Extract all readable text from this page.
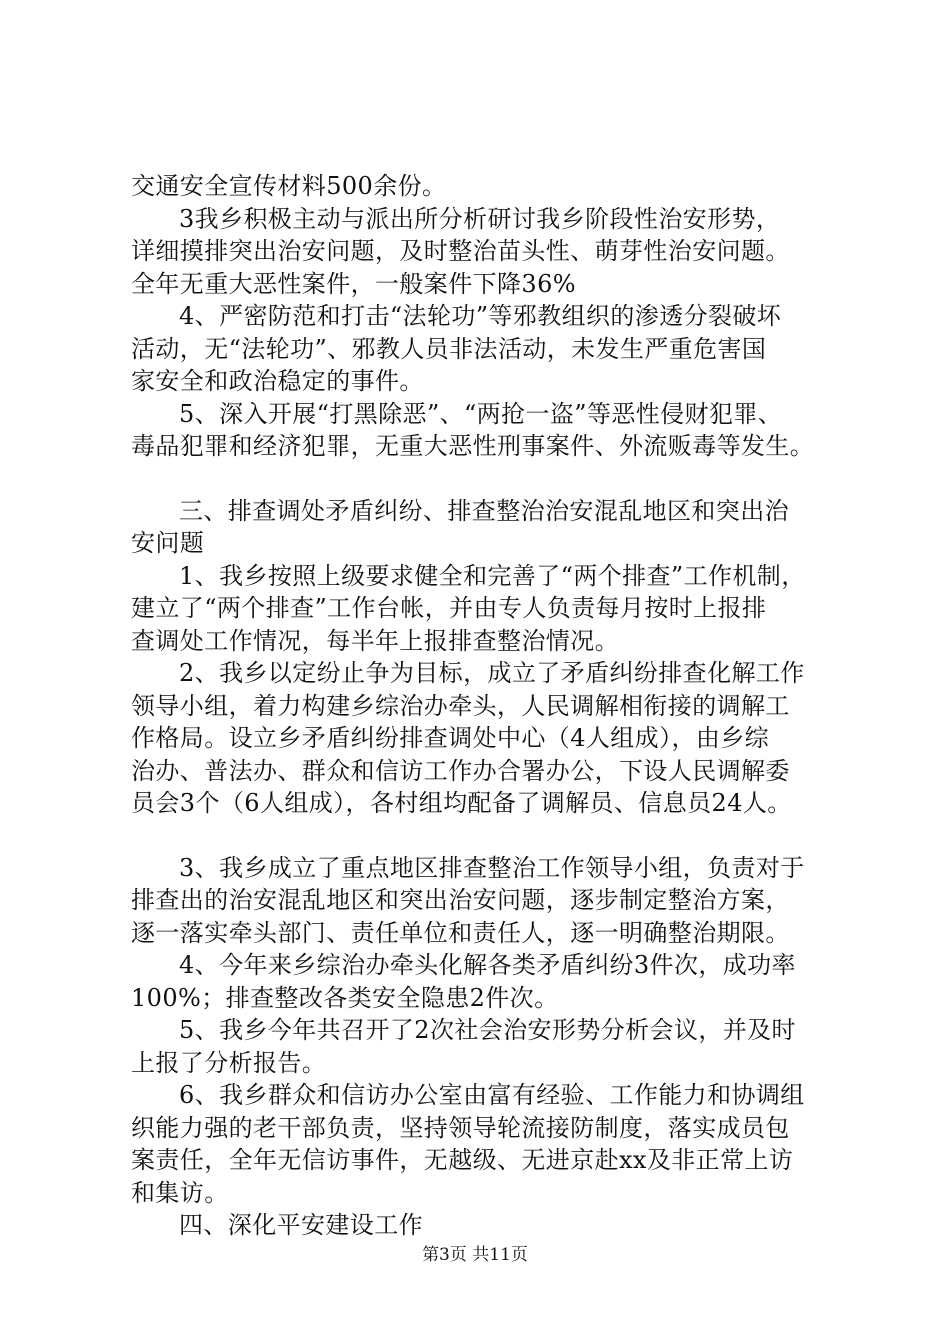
交通安全宣传材料500余份。
3我乡积极主动与派出所分析研讨我乡阶段性治安形势，
详细摸排突出治安问题，及时整治苗头性、萌芽性治安问题。
全年无重大恶性案件，一般案件下降36%
4、严密防范和打击“法轮功”等邪教组织的渗透分裂破坏
活动，无“法轮功”、邪教人员非法活动，未发生严重危害国
家安全和政治稳定的事件。
5、深入开展“打黑除恶”、“两抢一盗”等恶性侵财犯罪、
毒品犯罪和经济犯罪，无重大恶性刑事案件、外流贩毒等发生。
三、排查调处矛盾纠纷、排查整治治安混乱地区和突出治
安问题
1、我乡按照上级要求健全和完善了“两个排查”工作机制，
建立了“两个排查”工作台帐，并由专人负责每月按时上报排
查调处工作情况，每半年上报排查整治情况。
2、我乡以定纷止争为目标，成立了矛盾纠纷排查化解工作
领导小组，着力构建乡综治办牵头，人民调解相衔接的调解工
作格局。设立乡矛盾纠纷排查调处中心（4人组成），由乡综
治办、普法办、群众和信访工作办合署办公，下设人民调解委
员会3个（6人组成），各村组均配备了调解员、信息员24人。
3、我乡成立了重点地区排查整治工作领导小组，负责对于
排查出的治安混乱地区和突出治安问题，逐步制定整治方案，
逐一落实牵头部门、责任单位和责任人，逐一明确整治期限。
4、今年来乡综治办牵头化解各类矛盾纠纷3件次，成功率
100%；排查整改各类安全隐患2件次。
5、我乡今年共召开了2次社会治安形势分析会议，并及时
上报了分析报告。
6、我乡群众和信访办公室由富有经验、工作能力和协调组
织能力强的老干部负责，坚持领导轮流接防制度，落实成员包
案责任，全年无信访事件，无越级、无进京赴xx及非正常上访
和集访。
四、深化平安建设工作
第3页 共11页
